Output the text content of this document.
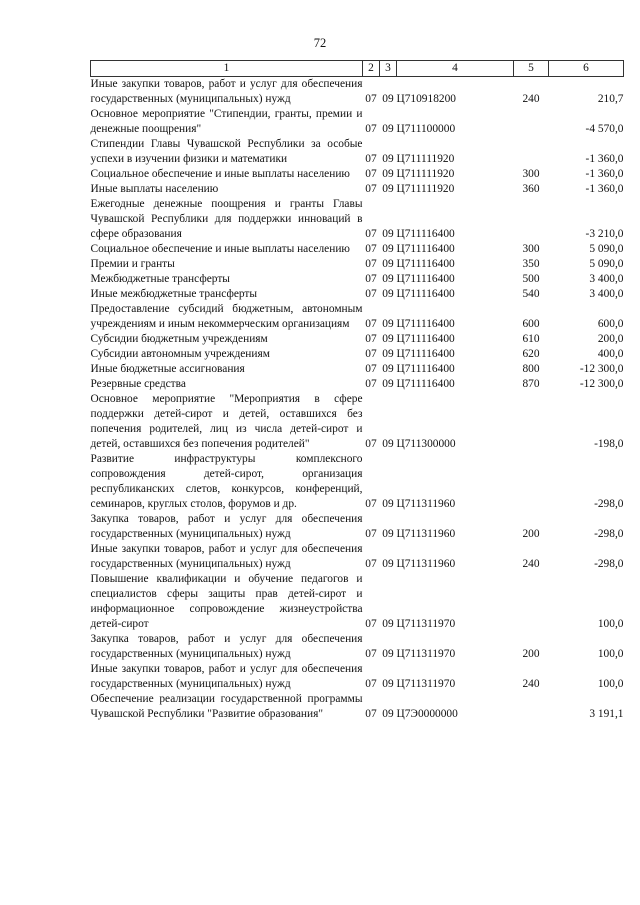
72
1	2	3	4	5	6
Иные закупки товаров, работ и услуг для обеспечения государственных (муниципальных) нужд	07	09	Ц710918200	240	210,7
Основное мероприятие "Стипендии, гранты, премии и денежные поощрения"	07	09	Ц711100000		-4 570,0
Стипендии Главы Чувашской Республики за особые успехи в изучении физики и математики	07	09	Ц711111920		-1 360,0
Социальное обеспечение и иные выплаты населению	07	09	Ц711111920	300	-1 360,0
Иные выплаты населению	07	09	Ц711111920	360	-1 360,0
Ежегодные денежные поощрения и гранты Главы Чувашской Республики для поддержки инноваций в сфере образования	07	09	Ц711116400		-3 210,0
Социальное обеспечение и иные выплаты населению	07	09	Ц711116400	300	5 090,0
Премии и гранты	07	09	Ц711116400	350	5 090,0
Межбюджетные трансферты	07	09	Ц711116400	500	3 400,0
Иные межбюджетные трансферты	07	09	Ц711116400	540	3 400,0
Предоставление субсидий бюджетным, автономным учреждениям и иным некоммерческим организациям	07	09	Ц711116400	600	600,0
Субсидии бюджетным учреждениям	07	09	Ц711116400	610	200,0
Субсидии автономным учреждениям	07	09	Ц711116400	620	400,0
Иные бюджетные ассигнования	07	09	Ц711116400	800	-12 300,0
Резервные средства	07	09	Ц711116400	870	-12 300,0
Основное мероприятие "Мероприятия в сфере поддержки детей-сирот и детей, оставшихся без попечения родителей, лиц из числа детей-сирот и детей, оставшихся без попечения родителей"	07	09	Ц711300000		-198,0
Развитие инфраструктуры комплексного сопровождения детей-сирот, организация республиканских слетов, конкурсов, конференций, семинаров, круглых столов, форумов и др.	07	09	Ц711311960		-298,0
Закупка товаров, работ и услуг для обеспечения государственных (муниципальных) нужд	07	09	Ц711311960	200	-298,0
Иные закупки товаров, работ и услуг для обеспечения государственных (муниципальных) нужд	07	09	Ц711311960	240	-298,0
Повышение квалификации и обучение педагогов и специалистов сферы защиты прав детей-сирот и информационное сопровождение жизнеустройства детей-сирот	07	09	Ц711311970		100,0
Закупка товаров, работ и услуг для обеспечения государственных (муниципальных) нужд	07	09	Ц711311970	200	100,0
Иные закупки товаров, работ и услуг для обеспечения государственных (муниципальных) нужд	07	09	Ц711311970	240	100,0
Обеспечение реализации государственной программы Чувашской Республики "Развитие образования"	07	09	Ц7Э0000000		3 191,1
